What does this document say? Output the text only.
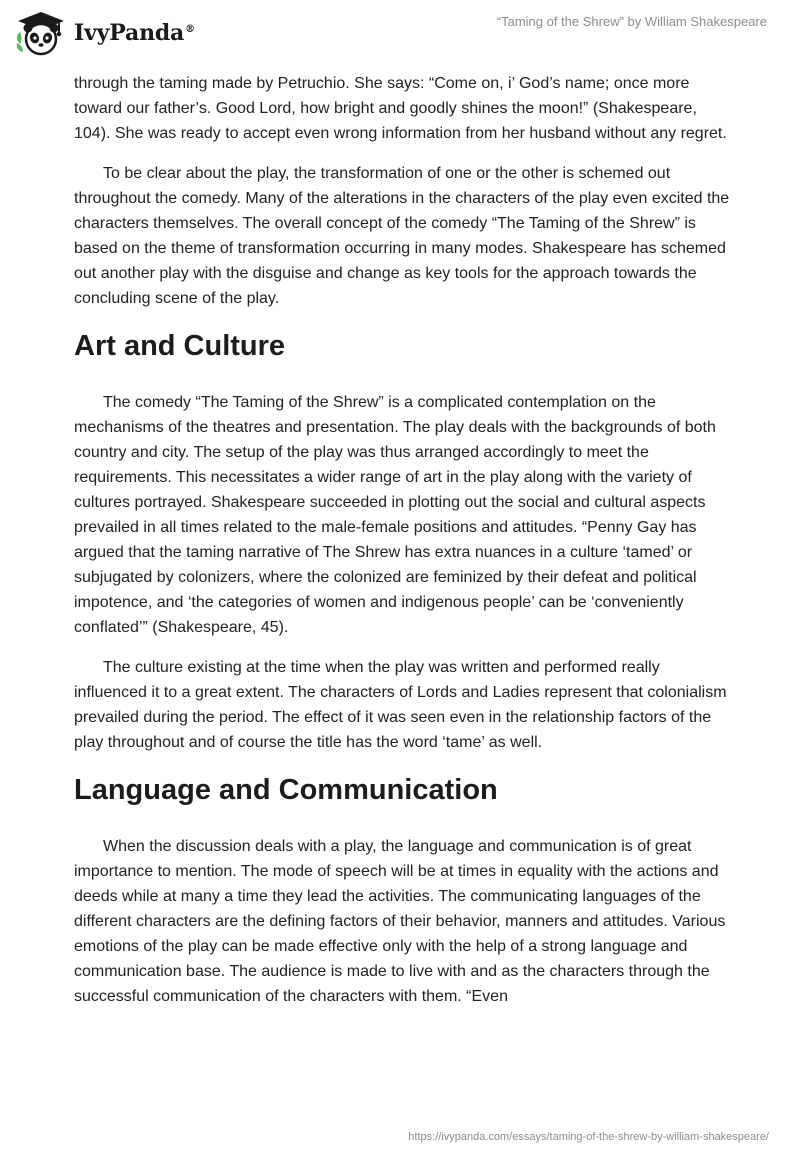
IvyPanda®
“Taming of the Shrew” by William Shakespeare

through the taming made by Petruchio. She says: “Come on, i’ God’s name; once more toward our father’s. Good Lord, how bright and goodly shines the moon!” (Shakespeare, 104). She was ready to accept even wrong information from her husband without any regret.

To be clear about the play, the transformation of one or the other is schemed out throughout the comedy. Many of the alterations in the characters of the play even excited the characters themselves. The overall concept of the comedy “The Taming of the Shrew” is based on the theme of transformation occurring in many modes. Shakespeare has schemed out another play with the disguise and change as key tools for the approach towards the concluding scene of the play.

Art and Culture

The comedy “The Taming of the Shrew” is a complicated contemplation on the mechanisms of the theatres and presentation. The play deals with the backgrounds of both country and city. The setup of the play was thus arranged accordingly to meet the requirements. This necessitates a wider range of art in the play along with the variety of cultures portrayed. Shakespeare succeeded in plotting out the social and cultural aspects prevailed in all times related to the male-female positions and attitudes. “Penny Gay has argued that the taming narrative of The Shrew has extra nuances in a culture ‘tamed’ or subjugated by colonizers, where the colonized are feminized by their defeat and political impotence, and ‘the categories of women and indigenous people’ can be ‘conveniently conflated’” (Shakespeare, 45).

The culture existing at the time when the play was written and performed really influenced it to a great extent. The characters of Lords and Ladies represent that colonialism prevailed during the period. The effect of it was seen even in the relationship factors of the play throughout and of course the title has the word ‘tame’ as well.

Language and Communication

When the discussion deals with a play, the language and communication is of great importance to mention. The mode of speech will be at times in equality with the actions and deeds while at many a time they lead the activities. The communicating languages of the different characters are the defining factors of their behavior, manners and attitudes. Various emotions of the play can be made effective only with the help of a strong language and communication base. The audience is made to live with and as the characters through the successful communication of the characters with them. “Even

https://ivypanda.com/essays/taming-of-the-shrew-by-william-shakespeare/
